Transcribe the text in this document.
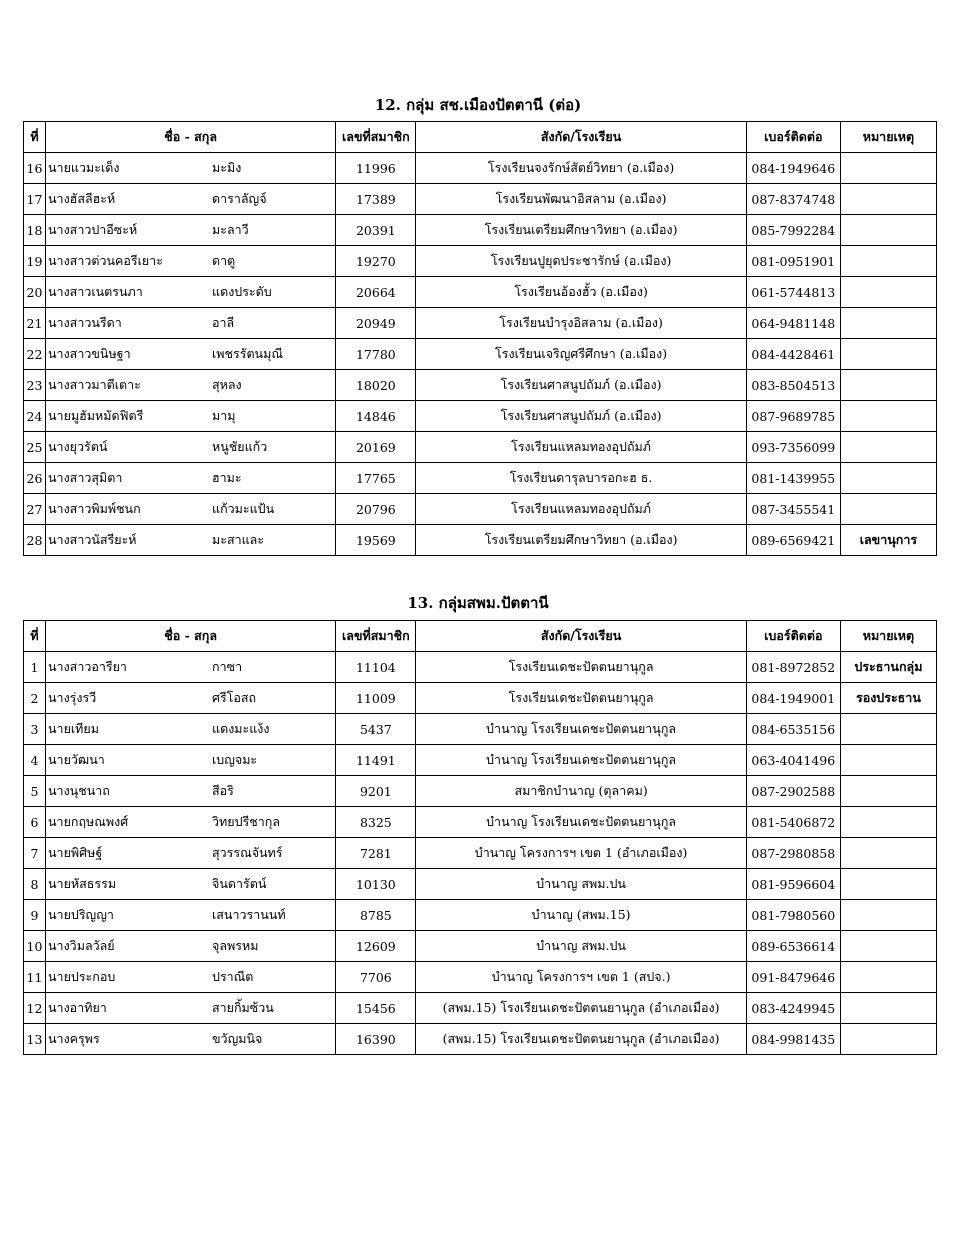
12. กลุ่ม สช.เมืองปัตตานี (ต่อ)
ที่	ชื่อ - สกุล	เลขที่สมาชิก	สังกัด/โรงเรียน	เบอร์ติดต่อ	หมายเหตุ
16	นายแวมะเด็ง มะมิง	11996	โรงเรียนจงรักษ์สัตย์วิทยา (อ.เมือง)	084-1949646	
17	นางฮัสลีฮะห์ ดาราลัญจ์	17389	โรงเรียนพัฒนาอิสลาม (อ.เมือง)	087-8374748	
18	นางสาวปาอีซะห์ มะลาวี	20391	โรงเรียนเตรียมศึกษาวิทยา (อ.เมือง)	085-7992284	
19	นางสาวต่วนคอรีเยาะ ดาตู	19270	โรงเรียนปูยุดประชารักษ์ (อ.เมือง)	081-0951901	
20	นางสาวเนตรนภา แดงประดับ	20664	โรงเรียนอ้องฮั้ว (อ.เมือง)	061-5744813	
21	นางสาวนรีดา อาลี	20949	โรงเรียนบำรุงอิสลาม (อ.เมือง)	064-9481148	
22	นางสาวขนิษฐา เพชรรัตนมุณี	17780	โรงเรียนเจริญศรีศึกษา (อ.เมือง)	084-4428461	
23	นางสาวมาตีเตาะ สุหลง	18020	โรงเรียนศาสนูปถัมภ์ (อ.เมือง)	083-8504513	
24	นายมูฮัมหมัดฟิตรี มามุ	14846	โรงเรียนศาสนูปถัมภ์ (อ.เมือง)	087-9689785	
25	นางยุวรัตน์ หนูชัยแก้ว	20169	โรงเรียนแหลมทองอุปถัมภ์	093-7356099	
26	นางสาวสุมิตา ฮามะ	17765	โรงเรียนดารุลบารอกะฮ ธ.	081-1439955	
27	นางสาวพิมพ์ชนก แก้วมะแป้น	20796	โรงเรียนแหลมทองอุปถัมภ์	087-3455541	
28	นางสาวนัสรียะห์ มะสาและ	19569	โรงเรียนเตรียมศึกษาวิทยา (อ.เมือง)	089-6569421	เลขานุการ
13. กลุ่มสพม.ปัตตานี
ที่	ชื่อ - สกุล	เลขที่สมาชิก	สังกัด/โรงเรียน	เบอร์ติดต่อ	หมายเหตุ
1	นางสาวอารียา กาซา	11104	โรงเรียนเดชะปัตตนยานุกูล	081-8972852	ประธานกลุ่ม
2	นางรุ่งรวี ศรีโอสถ	11009	โรงเรียนเดชะปัตตนยานุกูล	084-1949001	รองประธาน
3	นายเทียม แดงมะแง้ง	5437	บำนาญ โรงเรียนเดชะปัตตนยานุกูล	084-6535156	
4	นายวัฒนา เบญจมะ	11491	บำนาญ โรงเรียนเดชะปัตตนยานุกูล	063-4041496	
5	นางนุชนาถ สีอริ	9201	สมาชิกบำนาญ (ตุลาคม)	087-2902588	
6	นายกฤษณพงศ์ วิทยปรีชากุล	8325	บำนาญ โรงเรียนเดชะปัตตนยานุกูล	081-5406872	
7	นายพิศิษฐ์ สุวรรณจันทร์	7281	บำนาญ โครงการฯ เขต 1 (อำเภอเมือง)	087-2980858	
8	นายหัสธรรม จินดารัตน์	10130	บำนาญ สพม.ปน	081-9596604	
9	นายปริญญา เสนาวรานนท์	8785	บำนาญ (สพม.15)	081-7980560	
10	นางวิมลวัลย์ จุลพรหม	12609	บำนาญ สพม.ปน	089-6536614	
11	นายประกอบ ปราณีต	7706	บำนาญ โครงการฯ เขต 1 (สปจ.)	091-8479646	
12	นางอาทิยา สายกิ้มซ้วน	15456	(สพม.15) โรงเรียนเดชะปัตตนยานุกูล (อำเภอเมือง)	083-4249945	
13	นางครุพร ขวัญมนิจ	16390	(สพม.15) โรงเรียนเดชะปัตตนยานุกูล (อำเภอเมือง)	084-9981435	
